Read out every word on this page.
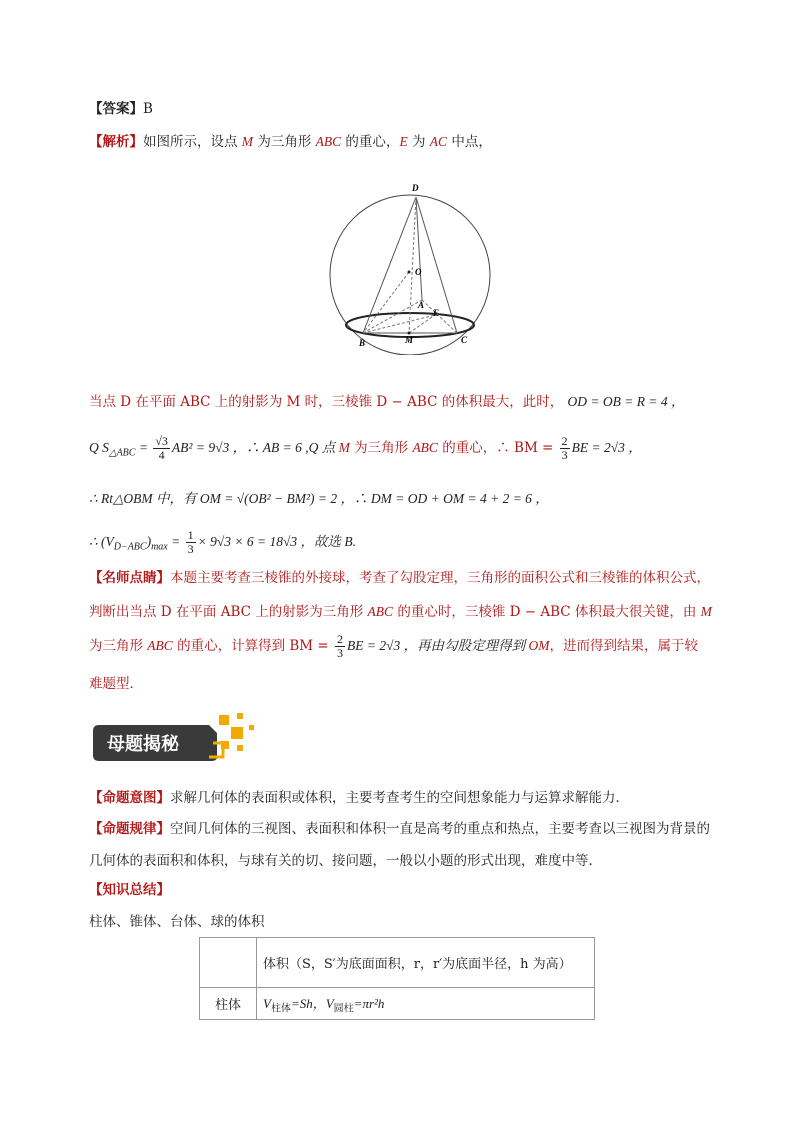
【答案】B
【解析】如图所示，设点 M 为三角形 ABC 的重心，E 为 AC 中点，
D
O
A
E
B	M	C
当点 D 在平面 ABC 上的射影为 M 时，三棱锥 D − ABC 的体积最大，此时， OD = OB = R = 4 ，
Q $S_{\triangle ABC} = \frac{√3}{4} AB^2 = 9√3$ ，∴ AB = 6 ,Q 点 M 为三角形 ABC 的重心，∴ BM = $\frac{2}{3}$ BE = 2√3 ，
∴ Rt△OBM 中，有 OM = √(OB² − BM²) = 2 ，∴ DM = OD + OM = 4 + 2 = 6 ，
∴ $(V_{D-ABC})_{max} = \frac{1}{3} \times 9√3 \times 6 = 18√3$ ，故选 B.
【名师点睛】本题主要考查三棱锥的外接球，考查了勾股定理，三角形的面积公式和三棱锥的体积公式，
判断出当点 D 在平面 ABC 上的射影为三角形 ABC 的重心时，三棱锥 D − ABC 体积最大很关键，由 M
为三角形 ABC 的重心，计算得到 BM = $\frac{2}{3}$ BE = 2√3 ，再由勾股定理得到 OM，进而得到结果，属于较
难题型．
母题揭秘
【命题意图】求解几何体的表面积或体积，主要考查考生的空间想象能力与运算求解能力．
【命题规律】空间几何体的三视图、表面积和体积一直是高考的重点和热点，主要考查以三视图为背景的
几何体的表面积和体积，与球有关的切、接问题，一般以小题的形式出现，难度中等．
【知识总结】
柱体、锥体、台体、球的体积
	体积（S，S′为底面面积，r，r′为底面半径，h 为高）
柱体	$V_{柱体}=Sh$，$V_{圆柱}=\pi r^2h$
